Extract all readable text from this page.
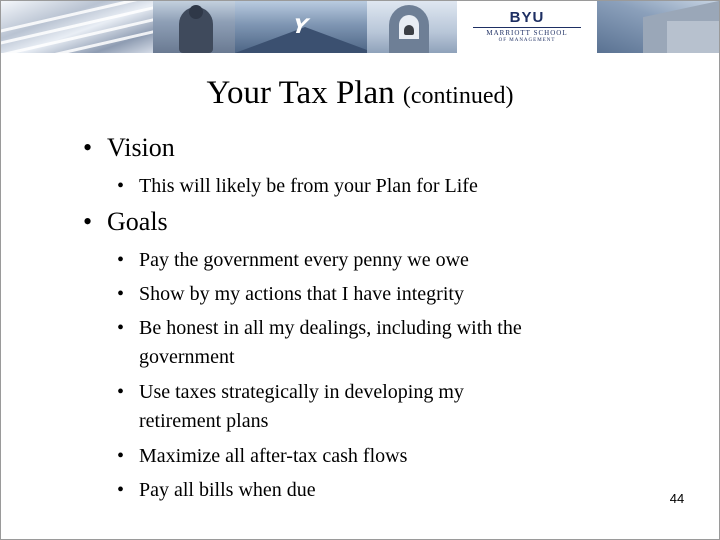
Y	BYU
MARRIOTT SCHOOL
OF MANAGEMENT
Your Tax Plan (continued)
• Vision
• This will likely be from your Plan for Life
• Goals
• Pay the government every penny we owe
• Show by my actions that I have integrity
• Be honest in all my dealings, including with the
government
• Use taxes strategically in developing my
retirement plans
• Maximize all after-tax cash flows
• Pay all bills when due	44
